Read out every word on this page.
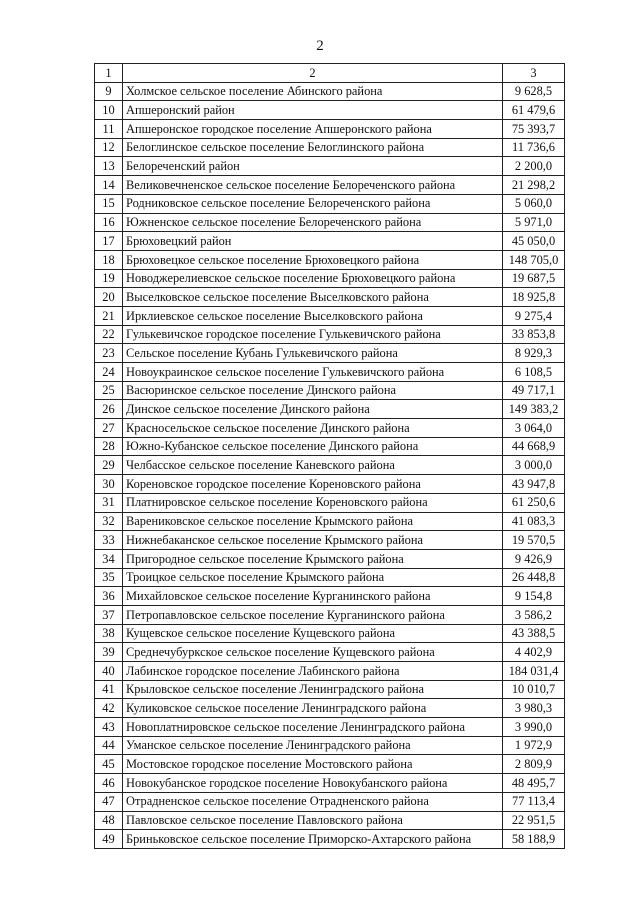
2
1	2	3
9	Холмское сельское поселение Абинского района	9 628,5
10	Апшеронский район	61 479,6
11	Апшеронское городское поселение Апшеронского района	75 393,7
12	Белоглинское сельское поселение Белоглинского района	11 736,6
13	Белореченский район	2 200,0
14	Великовечненское сельское поселение Белореченского района	21 298,2
15	Родниковское сельское поселение Белореченского района	5 060,0
16	Южненское сельское поселение Белореченского района	5 971,0
17	Брюховецкий район	45 050,0
18	Брюховецкое сельское поселение Брюховецкого района	148 705,0
19	Новоджерелиевское сельское поселение Брюховецкого района	19 687,5
20	Выселковское сельское поселение Выселковского района	18 925,8
21	Ирклиевское сельское поселение Выселковского района	9 275,4
22	Гулькевичское городское поселение Гулькевичского района	33 853,8
23	Сельское поселение Кубань Гулькевичского района	8 929,3
24	Новоукраинское сельское поселение Гулькевичского района	6 108,5
25	Васюринское сельское поселение Динского района	49 717,1
26	Динское сельское поселение Динского района	149 383,2
27	Красносельское сельское поселение Динского района	3 064,0
28	Южно-Кубанское сельское поселение Динского района	44 668,9
29	Челбасское сельское поселение Каневского района	3 000,0
30	Кореновское городское поселение Кореновского района	43 947,8
31	Платнировское сельское поселение Кореновского района	61 250,6
32	Варениковское сельское поселение Крымского района	41 083,3
33	Нижнебаканское сельское поселение Крымского района	19 570,5
34	Пригородное сельское поселение Крымского района	9 426,9
35	Троицкое сельское поселение Крымского района	26 448,8
36	Михайловское сельское поселение Курганинского района	9 154,8
37	Петропавловское сельское поселение Курганинского района	3 586,2
38	Кущевское сельское поселение Кущевского района	43 388,5
39	Среднечубуркское сельское поселение Кущевского района	4 402,9
40	Лабинское городское поселение Лабинского района	184 031,4
41	Крыловское сельское поселение Ленинградского района	10 010,7
42	Куликовское сельское поселение Ленинградского района	3 980,3
43	Новоплатнировское сельское поселение Ленинградского района	3 990,0
44	Уманское сельское поселение Ленинградского района	1 972,9
45	Мостовское городское поселение Мостовского района	2 809,9
46	Новокубанское городское поселение Новокубанского района	48 495,7
47	Отрадненское сельское поселение Отрадненского района	77 113,4
48	Павловское сельское поселение Павловского района	22 951,5
49	Бриньковское сельское поселение Приморско-Ахтарского района	58 188,9
